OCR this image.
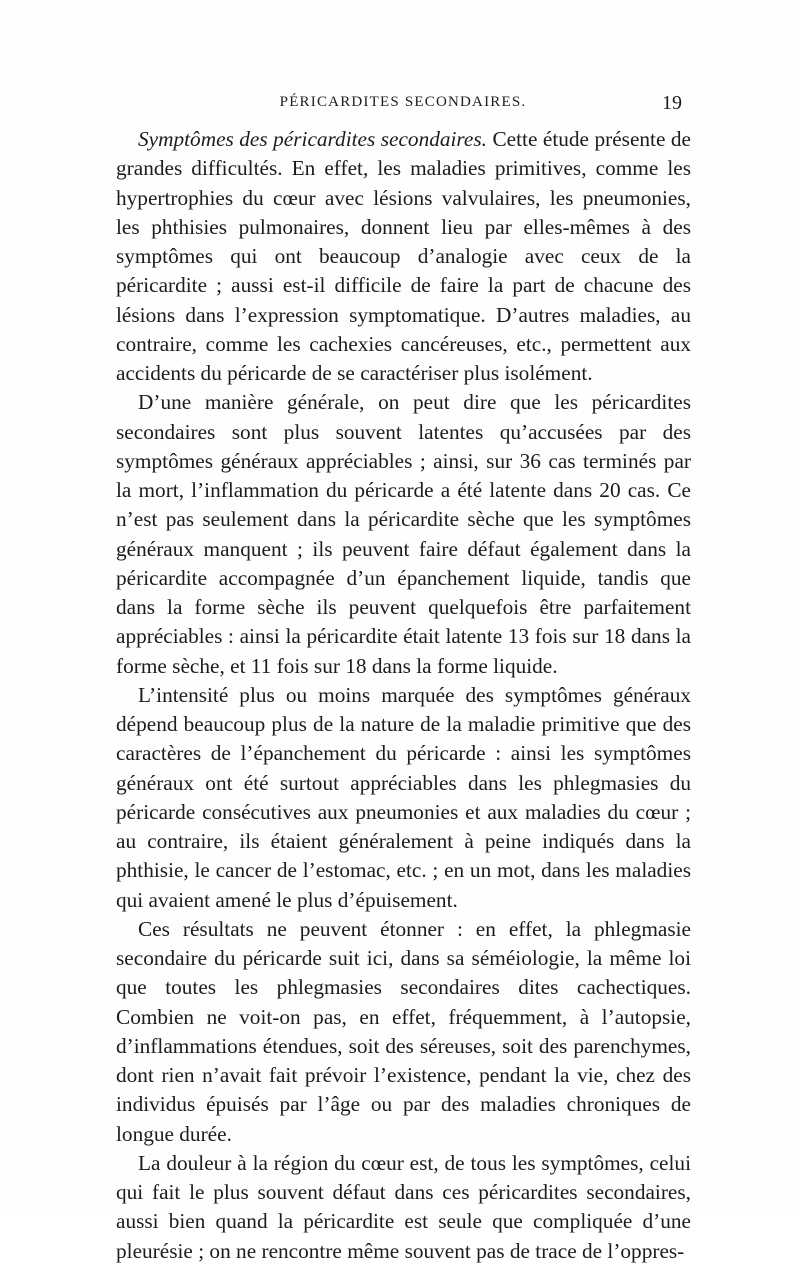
PÉRICARDITES SECONDAIRES.	19

Symptômes des péricardites secondaires. Cette étude présente de grandes difficultés. En effet, les maladies primitives, comme les hypertrophies du cœur avec lésions valvulaires, les pneumonies, les phthisies pulmonaires, donnent lieu par elles-mêmes à des symptômes qui ont beaucoup d’analogie avec ceux de la péricardite ; aussi est-il difficile de faire la part de chacune des lésions dans l’expression symptomatique. D’autres maladies, au contraire, comme les cachexies cancéreuses, etc., permettent aux accidents du péricarde de se caractériser plus isolément.

D’une manière générale, on peut dire que les péricardites secondaires sont plus souvent latentes qu’accusées par des symptômes généraux appréciables ; ainsi, sur 36 cas terminés par la mort, l’inflammation du péricarde a été latente dans 20 cas. Ce n’est pas seulement dans la péricardite sèche que les symptômes généraux manquent ; ils peuvent faire défaut également dans la péricardite accompagnée d’un épanchement liquide, tandis que dans la forme sèche ils peuvent quelquefois être parfaitement appréciables : ainsi la péricardite était latente 13 fois sur 18 dans la forme sèche, et 11 fois sur 18 dans la forme liquide.

L’intensité plus ou moins marquée des symptômes généraux dépend beaucoup plus de la nature de la maladie primitive que des caractères de l’épanchement du péricarde : ainsi les symptômes généraux ont été surtout appréciables dans les phlegmasies du péricarde consécutives aux pneumonies et aux maladies du cœur ; au contraire, ils étaient généralement à peine indiqués dans la phthisie, le cancer de l’estomac, etc. ; en un mot, dans les maladies qui avaient amené le plus d’épuisement.

Ces résultats ne peuvent étonner : en effet, la phlegmasie secondaire du péricarde suit ici, dans sa séméiologie, la même loi que toutes les phlegmasies secondaires dites cachectiques. Combien ne voit-on pas, en effet, fréquemment, à l’autopsie, d’inflammations étendues, soit des séreuses, soit des parenchymes, dont rien n’avait fait prévoir l’existence, pendant la vie, chez des individus épuisés par l’âge ou par des maladies chroniques de longue durée.

La douleur à la région du cœur est, de tous les symptômes, celui qui fait le plus souvent défaut dans ces péricardites secondaires, aussi bien quand la péricardite est seule que compliquée d’une pleurésie ; on ne rencontre même souvent pas de trace de l’oppres-
